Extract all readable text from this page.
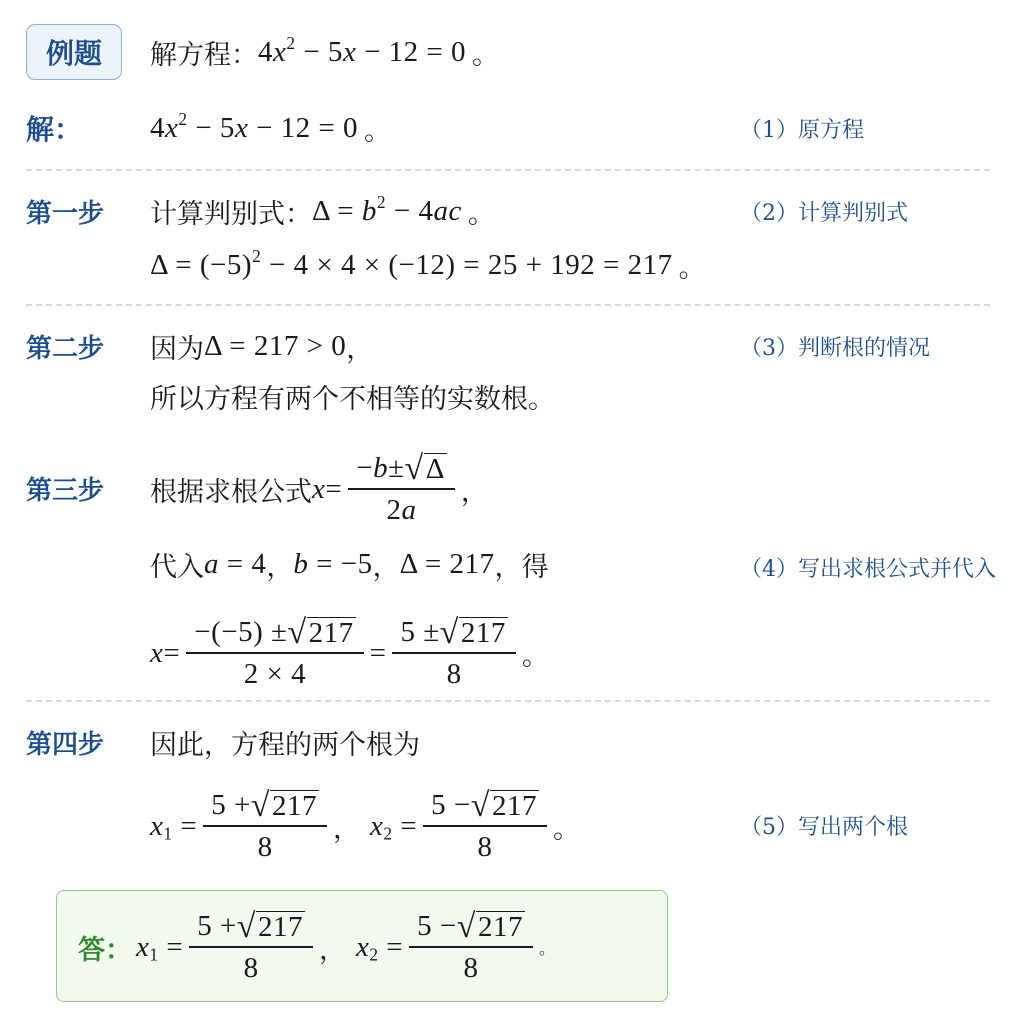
例题	解方程： $4x^2 - 5x - 12 = 0$ 。
解： $4x^2 - 5x - 12 = 0$ 。	（1）原方程
第一步 计算判别式： $\Delta = b^2 - 4ac$ 。	（2）计算判别式
$\Delta = (-5)^2 - 4 \times 4 \times (-12) = 25 + 192 = 217$ 。
第二步 因为 Δ = 217 > 0 ，	（3）判断根的情况
所以方程有两个不相等的实数根。
第三步 根据求根公式 $x = \frac{- b \pm √ \Delta}{2 a}$ ，
代入 a = 4 ， b = −5 ， Δ = 217 ，得	（4）写出求根公式并代入
$x = \frac{-(-5) \pm √ 217}{2 \times 4} = \frac{5 \pm √ 217}{8}$ 。
第四步 因此，方程的两个根为
$x_1 = \frac{5 + √ 217}{8}$ ， $x_2 = \frac{5 - √ 217}{8}$ 。	（5）写出两个根
答： $x_1 = \frac{5 + √ 217}{8}$ ， $x_2 = \frac{5 - √ 217}{8}$ 。
